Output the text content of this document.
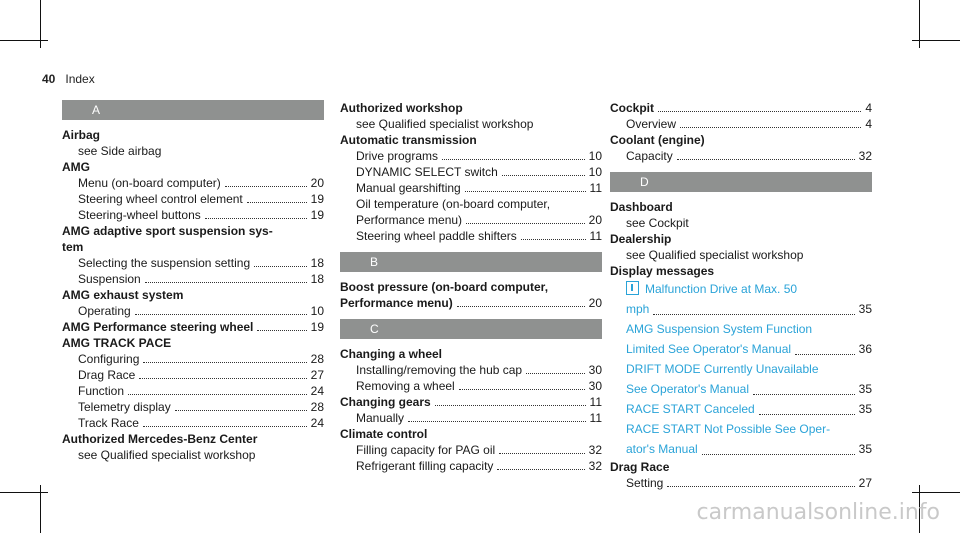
40 Index
A
Airbag
see Side airbag
AMG
Menu (on-board computer)	20
Steering wheel control element	19
Steering-wheel buttons	19
AMG adaptive sport suspension sys-
tem
Selecting the suspension setting	18
Suspension	18
AMG exhaust system
Operating	10
AMG Performance steering wheel	19
AMG TRACK PACE
Configuring	28
Drag Race	27
Function	24
Telemetry display	28
Track Race	24
Authorized Mercedes-Benz Center
see Qualified specialist workshop
Authorized workshop
see Qualified specialist workshop
Automatic transmission
Drive programs	10
DYNAMIC SELECT switch	10
Manual gearshifting	11
Oil temperature (on-board computer,
Performance menu)	20
Steering wheel paddle shifters	11
B
Boost pressure (on-board computer,
Performance menu)	20
C
Changing a wheel
Installing/removing the hub cap	30
Removing a wheel	30
Changing gears	11
Manually	11
Climate control
Filling capacity for PAG oil	32
Refrigerant filling capacity	32
Cockpit	4
Overview	4
Coolant (engine)
Capacity	32
D
Dashboard
see Cockpit
Dealership
see Qualified specialist workshop
Display messages
Malfunction Drive at Max. 50
mph	35
AMG Suspension System Function
Limited See Operator's Manual	36
DRIFT MODE Currently Unavailable
See Operator's Manual	35
RACE START Canceled	35
RACE START Not Possible See Oper-
ator's Manual	35
Drag Race
Setting	27
carmanualsonline.info
